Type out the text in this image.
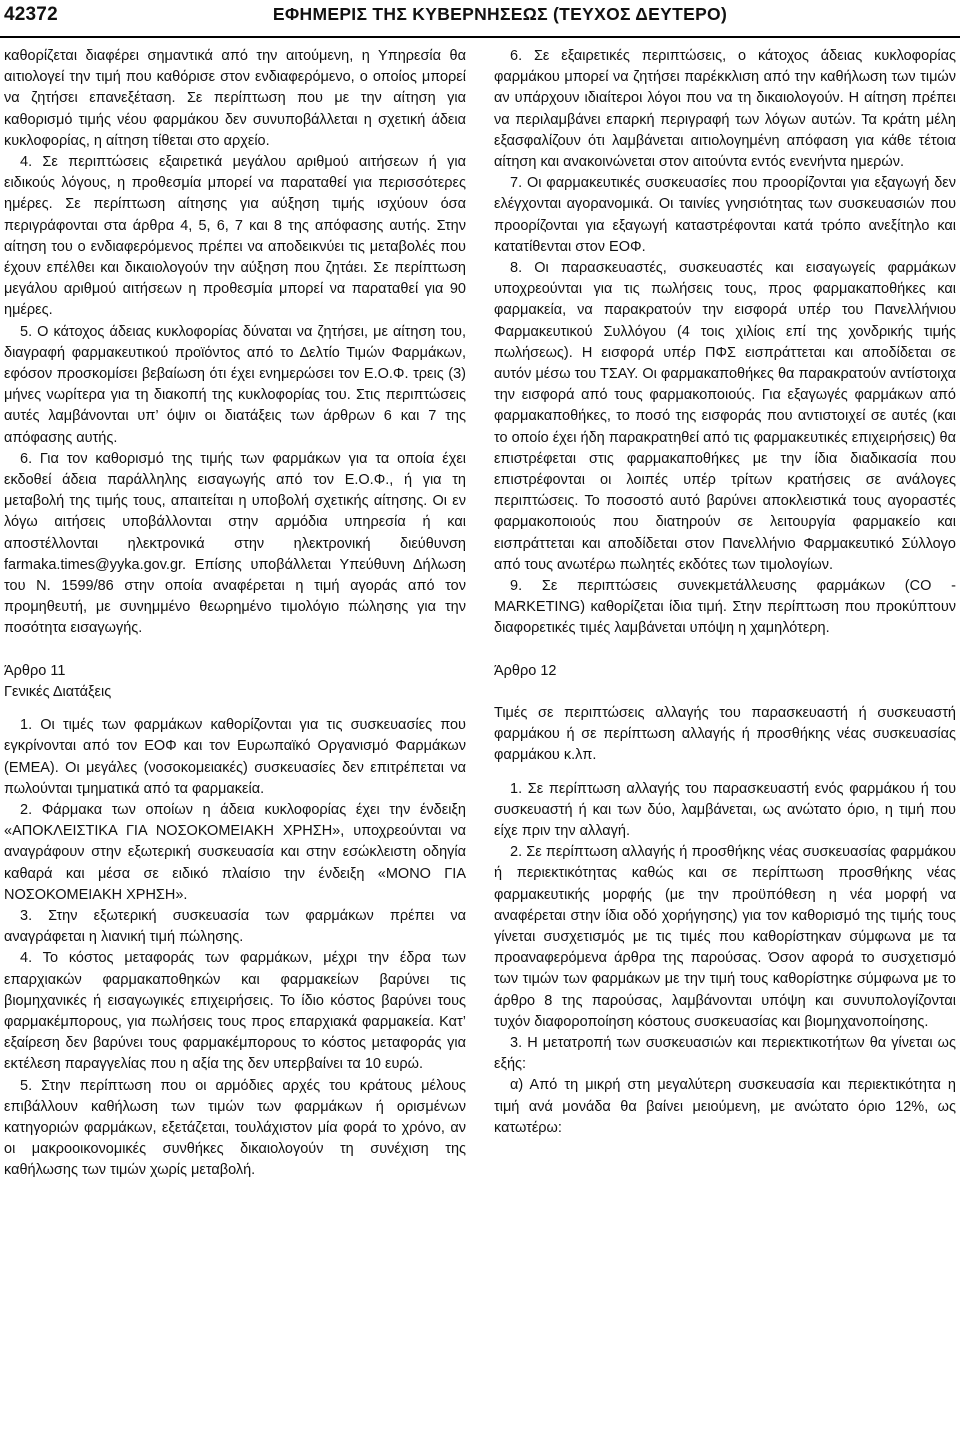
42372	ΕΦΗΜΕΡΙΣ ΤΗΣ ΚΥΒΕΡΝΗΣΕΩΣ (ΤΕΥΧΟΣ ΔΕΥΤΕΡΟ)

καθορίζεται διαφέρει σημαντικά από την αιτούμενη, η Υπηρεσία θα αιτιολογεί την τιμή που καθόρισε στον ενδιαφερόμενο, ο οποίος μπορεί να ζητήσει επανεξέταση. Σε περίπτωση που με την αίτηση για καθορισμό τιμής νέου φαρμάκου δεν συνυποβάλλεται η σχετική άδεια κυκλοφορίας, η αίτηση τίθεται στο αρχείο.

4. Σε περιπτώσεις εξαιρετικά μεγάλου αριθμού αιτήσεων ή για ειδικούς λόγους, η προθεσμία μπορεί να παραταθεί για περισσότερες ημέρες. Σε περίπτωση αίτησης για αύξηση τιμής ισχύουν όσα περιγράφονται στα άρθρα 4, 5, 6, 7 και 8 της απόφασης αυτής. Στην αίτηση του ο ενδιαφερόμενος πρέπει να αποδεικνύει τις μεταβολές που έχουν επέλθει και δικαιολογούν την αύξηση που ζητάει. Σε περίπτωση μεγάλου αριθμού αιτήσεων η προθεσμία μπορεί να παραταθεί για 90 ημέρες.

5. Ο κάτοχος άδειας κυκλοφορίας δύναται να ζητήσει, με αίτηση του, διαγραφή φαρμακευτικού προϊόντος από το Δελτίο Τιμών Φαρμάκων, εφόσον προσκομίσει βεβαίωση ότι έχει ενημερώσει τον Ε.Ο.Φ. τρεις (3) μήνες νωρίτερα για τη διακοπή της κυκλοφορίας του. Στις περιπτώσεις αυτές λαμβάνονται υπ’ όψιν οι διατάξεις των άρθρων 6 και 7 της απόφασης αυτής.

6. Για τον καθορισμό της τιμής των φαρμάκων για τα οποία έχει εκδοθεί άδεια παράλληλης εισαγωγής από τον Ε.Ο.Φ., ή για τη μεταβολή της τιμής τους, απαιτείται η υποβολή σχετικής αίτησης. Οι εν λόγω αιτήσεις υποβάλλονται στην αρμόδια υπηρεσία ή και αποστέλλονται ηλεκτρονικά στην ηλεκτρονική διεύθυνση farmaka.times@yyka.gov.gr. Επίσης υποβάλλεται Υπεύθυνη Δήλωση του Ν. 1599/86 στην οποία αναφέρεται η τιμή αγοράς από τον προμηθευτή, με συνημμένο θεωρημένο τιμολόγιο πώλησης για την ποσότητα εισαγωγής.

Άρθρο 11

Γενικές Διατάξεις

1. Οι τιμές των φαρμάκων καθορίζονται για τις συσκευασίες που εγκρίνονται από τον ΕΟΦ και τον Ευρωπαϊκό Οργανισμό Φαρμάκων (ΕΜΕΑ). Οι μεγάλες (νοσοκομειακές) συσκευασίες δεν επιτρέπεται να πωλούνται τμηματικά από τα φαρμακεία.

2. Φάρμακα των οποίων η άδεια κυκλοφορίας έχει την ένδειξη «ΑΠΟΚΛΕΙΣΤΙΚΑ ΓΙΑ ΝΟΣΟΚΟΜΕΙΑΚΗ ΧΡΗΣΗ», υποχρεούνται να αναγράφουν στην εξωτερική συσκευασία και στην εσώκλειστη οδηγία καθαρά και μέσα σε ειδικό πλαίσιο την ένδειξη «ΜΟΝΟ ΓΙΑ ΝΟΣΟΚΟΜΕΙΑΚΗ ΧΡΗΣΗ».

3. Στην εξωτερική συσκευασία των φαρμάκων πρέπει να αναγράφεται η λιανική τιμή πώλησης.

4. Το κόστος μεταφοράς των φαρμάκων, μέχρι την έδρα των επαρχιακών φαρμακαποθηκών και φαρμακείων βαρύνει τις βιομηχανικές ή εισαγωγικές επιχειρήσεις. Το ίδιο κόστος βαρύνει τους φαρμακέμπορους, για πωλήσεις τους προς επαρχιακά φαρμακεία. Κατ’ εξαίρεση δεν βαρύνει τους φαρμακέμπορους το κόστος μεταφοράς για εκτέλεση παραγγελίας που η αξία της δεν υπερβαίνει τα 10 ευρώ.

5. Στην περίπτωση που οι αρμόδιες αρχές του κράτους μέλους επιβάλλουν καθήλωση των τιμών των φαρμάκων ή ορισμένων κατηγοριών φαρμάκων, εξετάζεται, τουλάχιστον μία φορά το χρόνο, αν οι μακροοικονομικές συνθήκες δικαιολογούν τη συνέχιση της καθήλωσης των τιμών χωρίς μεταβολή.

6. Σε εξαιρετικές περιπτώσεις, ο κάτοχος άδειας κυκλοφορίας φαρμάκου μπορεί να ζητήσει παρέκκλιση από την καθήλωση των τιμών αν υπάρχουν ιδιαίτεροι λόγοι που να τη δικαιολογούν. Η αίτηση πρέπει να περιλαμβάνει επαρκή περιγραφή των λόγων αυτών. Τα κράτη μέλη εξασφαλίζουν ότι λαμβάνεται αιτιολογημένη απόφαση για κάθε τέτοια αίτηση και ανακοινώνεται στον αιτούντα εντός ενενήντα ημερών.

7. Οι φαρμακευτικές συσκευασίες που προορίζονται για εξαγωγή δεν ελέγχονται αγορανομικά. Οι ταινίες γνησιότητας των συσκευασιών που προορίζονται για εξαγωγή καταστρέφονται κατά τρόπο ανεξίτηλο και κατατίθενται στον ΕΟΦ.

8. Οι παρασκευαστές, συσκευαστές και εισαγωγείς φαρμάκων υποχρεούνται για τις πωλήσεις τους, προς φαρμακαποθήκες και φαρμακεία, να παρακρατούν την εισφορά υπέρ του Πανελλήνιου Φαρμακευτικού Συλλόγου (4 τοις χιλίοις επί της χονδρικής τιμής πωλήσεως). Η εισφορά υπέρ ΠΦΣ εισπράττεται και αποδίδεται σε αυτόν μέσω του ΤΣΑΥ. Οι φαρμακαποθήκες θα παρακρατούν αντίστοιχα την εισφορά από τους φαρμακοποιούς. Για εξαγωγές φαρμάκων από φαρμακαποθήκες, το ποσό της εισφοράς που αντιστοιχεί σε αυτές (και το οποίο έχει ήδη παρακρατηθεί από τις φαρμακευτικές επιχειρήσεις) θα επιστρέφεται στις φαρμακαποθήκες με την ίδια διαδικασία που επιστρέφονται οι λοιπές υπέρ τρίτων κρατήσεις σε ανάλογες περιπτώσεις. Το ποσοστό αυτό βαρύνει αποκλειστικά τους αγοραστές φαρμακοποιούς που διατηρούν σε λειτουργία φαρμακείο και εισπράττεται και αποδίδεται στον Πανελλήνιο Φαρμακευτικό Σύλλογο από τους ανωτέρω πωλητές εκδότες των τιμολογίων.

9. Σε περιπτώσεις συνεκμετάλλευσης φαρμάκων (CO - MARKETING) καθορίζεται ίδια τιμή. Στην περίπτωση που προκύπτουν διαφορετικές τιμές λαμβάνεται υπόψη η χαμηλότερη.

Άρθρο 12

Τιμές σε περιπτώσεις αλλαγής του παρασκευαστή ή συσκευαστή φαρμάκου ή σε περίπτωση αλλαγής ή προσθήκης νέας συσκευασίας φαρμάκου κ.λπ.

1. Σε περίπτωση αλλαγής του παρασκευαστή ενός φαρμάκου ή του συσκευαστή ή και των δύο, λαμβάνεται, ως ανώτατο όριο, η τιμή που είχε πριν την αλλαγή.

2. Σε περίπτωση αλλαγής ή προσθήκης νέας συσκευασίας φαρμάκου ή περιεκτικότητας καθώς και σε περίπτωση προσθήκης νέας φαρμακευτικής μορφής (με την προϋπόθεση η νέα μορφή να αναφέρεται στην ίδια οδό χορήγησης) για τον καθορισμό της τιμής τους γίνεται συσχετισμός με τις τιμές που καθορίστηκαν σύμφωνα με τα προαναφερόμενα άρθρα της παρούσας. Όσον αφορά το συσχετισμό των τιμών των φαρμάκων με την τιμή τους καθορίστηκε σύμφωνα με το άρθρο 8 της παρούσας, λαμβάνονται υπόψη και συνυπολογίζονται τυχόν διαφοροποίηση κόστους συσκευασίας και βιομηχανοποίησης.

3. Η μετατροπή των συσκευασιών και περιεκτικοτήτων θα γίνεται ως εξής:

α) Από τη μικρή στη μεγαλύτερη συσκευασία και περιεκτικότητα η τιμή ανά μονάδα θα βαίνει μειούμενη, με ανώτατο όριο 12%, ως κατωτέρω:
